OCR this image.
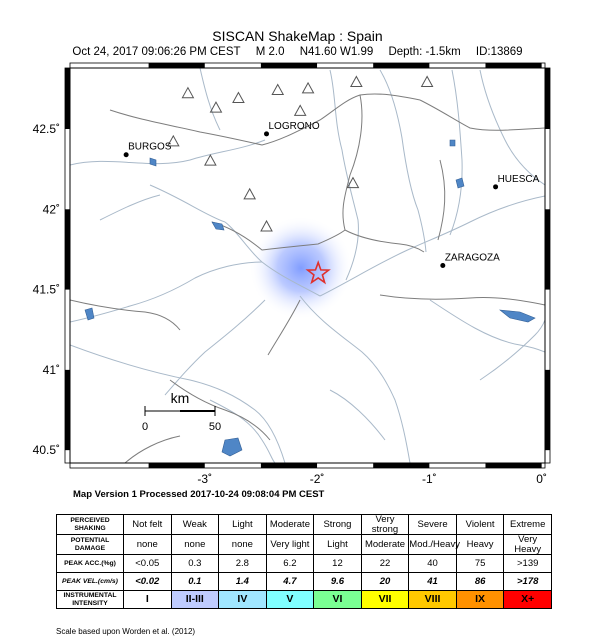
SISCAN ShakeMap : Spain
Oct 24, 2017 09:06:26 PM CEST M 2.0 N41.60 W1.99 Depth: -1.5km ID:13869
LOGRONO
BURGOS
HUESCA
ZARAGOZA
km
0	50
42.5˚
42˚
41.5˚
41˚
40.5˚
-3˚	-2˚	-1˚	0˚
Map Version 1 Processed 2017-10-24 09:08:04 PM CEST
PERCEIVED SHAKING	Not felt	Weak	Light	Moderate	Strong	Very strong	Severe	Violent	Extreme
POTENTIAL DAMAGE	none	none	none	Very light	Light	Moderate	Mod./Heavy	Heavy	Very Heavy
PEAK ACC.(%g)	<0.05	0.3	2.8	6.2	12	22	40	75	>139
PEAK VEL.(cm/s)	<0.02	0.1	1.4	4.7	9.6	20	41	86	>178
INSTRUMENTAL INTENSITY	I	II-III	IV	V	VI	VII	VIII	IX	X+
Scale based upon Worden et al. (2012)
